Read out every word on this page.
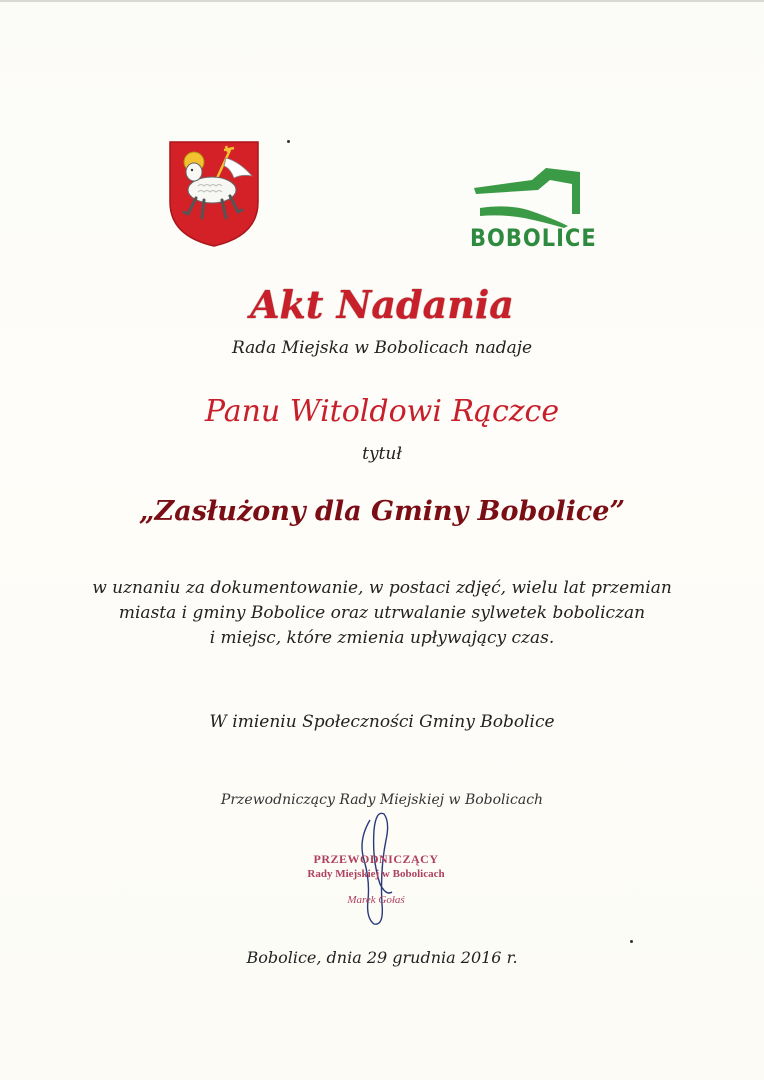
BOBOLICE
Akt Nadania
Rada Miejska w Bobolicach nadaje
Panu Witoldowi Rączce
tytuł
„Zasłużony dla Gminy Bobolice”
w uznaniu za dokumentowanie, w postaci zdjęć, wielu lat przemian
miasta i gminy Bobolice oraz utrwalanie sylwetek boboliczan
i miejsc, które zmienia upływający czas.
W imieniu Społeczności Gminy Bobolice
Przewodniczący Rady Miejskiej w Bobolicach
PRZEWODNICZĄCY
Rady Miejskiej w Bobolicach
Marek Gołaś
Bobolice, dnia 29 grudnia 2016 r.
